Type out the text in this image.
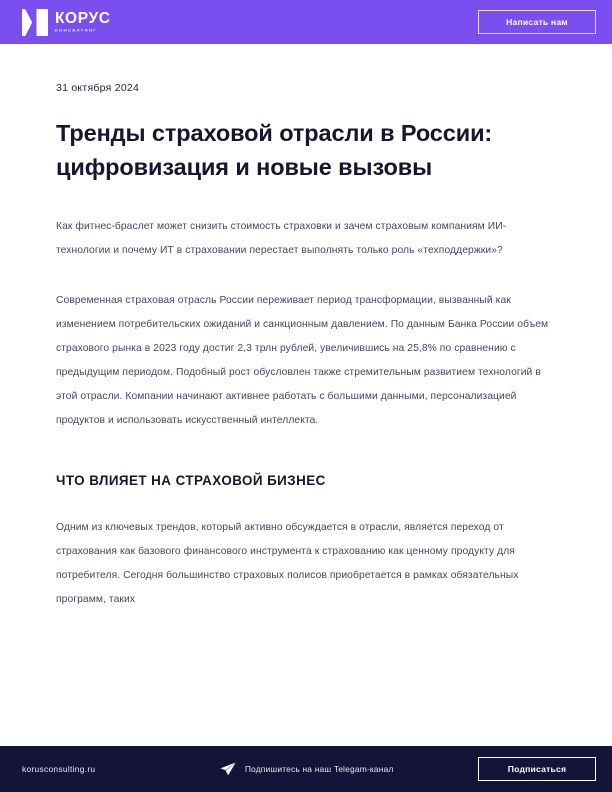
КОРУС
КОНСАЛТИНГ
Написать нам
31 октября 2024
Тренды страховой отрасли в России: цифровизация и новые вызовы

Как фитнес-браслет может снизить стоимость страховки и зачем страховым компаниям ИИ-технологии и почему ИТ в страховании перестает выполнять только роль «техподдержки»?

Современная страховая отрасль России переживает период трансформации, вызванный как изменением потребительских ожиданий и санкционным давлением. По данным Банка России объем страхового рынка в 2023 году достиг 2,3 трлн рублей, увеличившись на 25,8% по сравнению с предыдущим периодом. Подобный рост обусловлен также стремительным развитием технологий в этой отрасли. Компании начинают активнее работать с большими данными, персонализацией продуктов и использовать искусственный интеллекта.

ЧТО ВЛИЯЕТ НА СТРАХОВОЙ БИЗНЕС

Одним из ключевых трендов, который активно обсуждается в отрасли, является переход от страхования как базового финансового инструмента к страхованию как ценному продукту для потребителя. Сегодня большинство страховых полисов приобретается в рамках обязательных программ, таких

korusconsulting.ru	Подпишитесь на наш Telegam-канал	Подписаться
